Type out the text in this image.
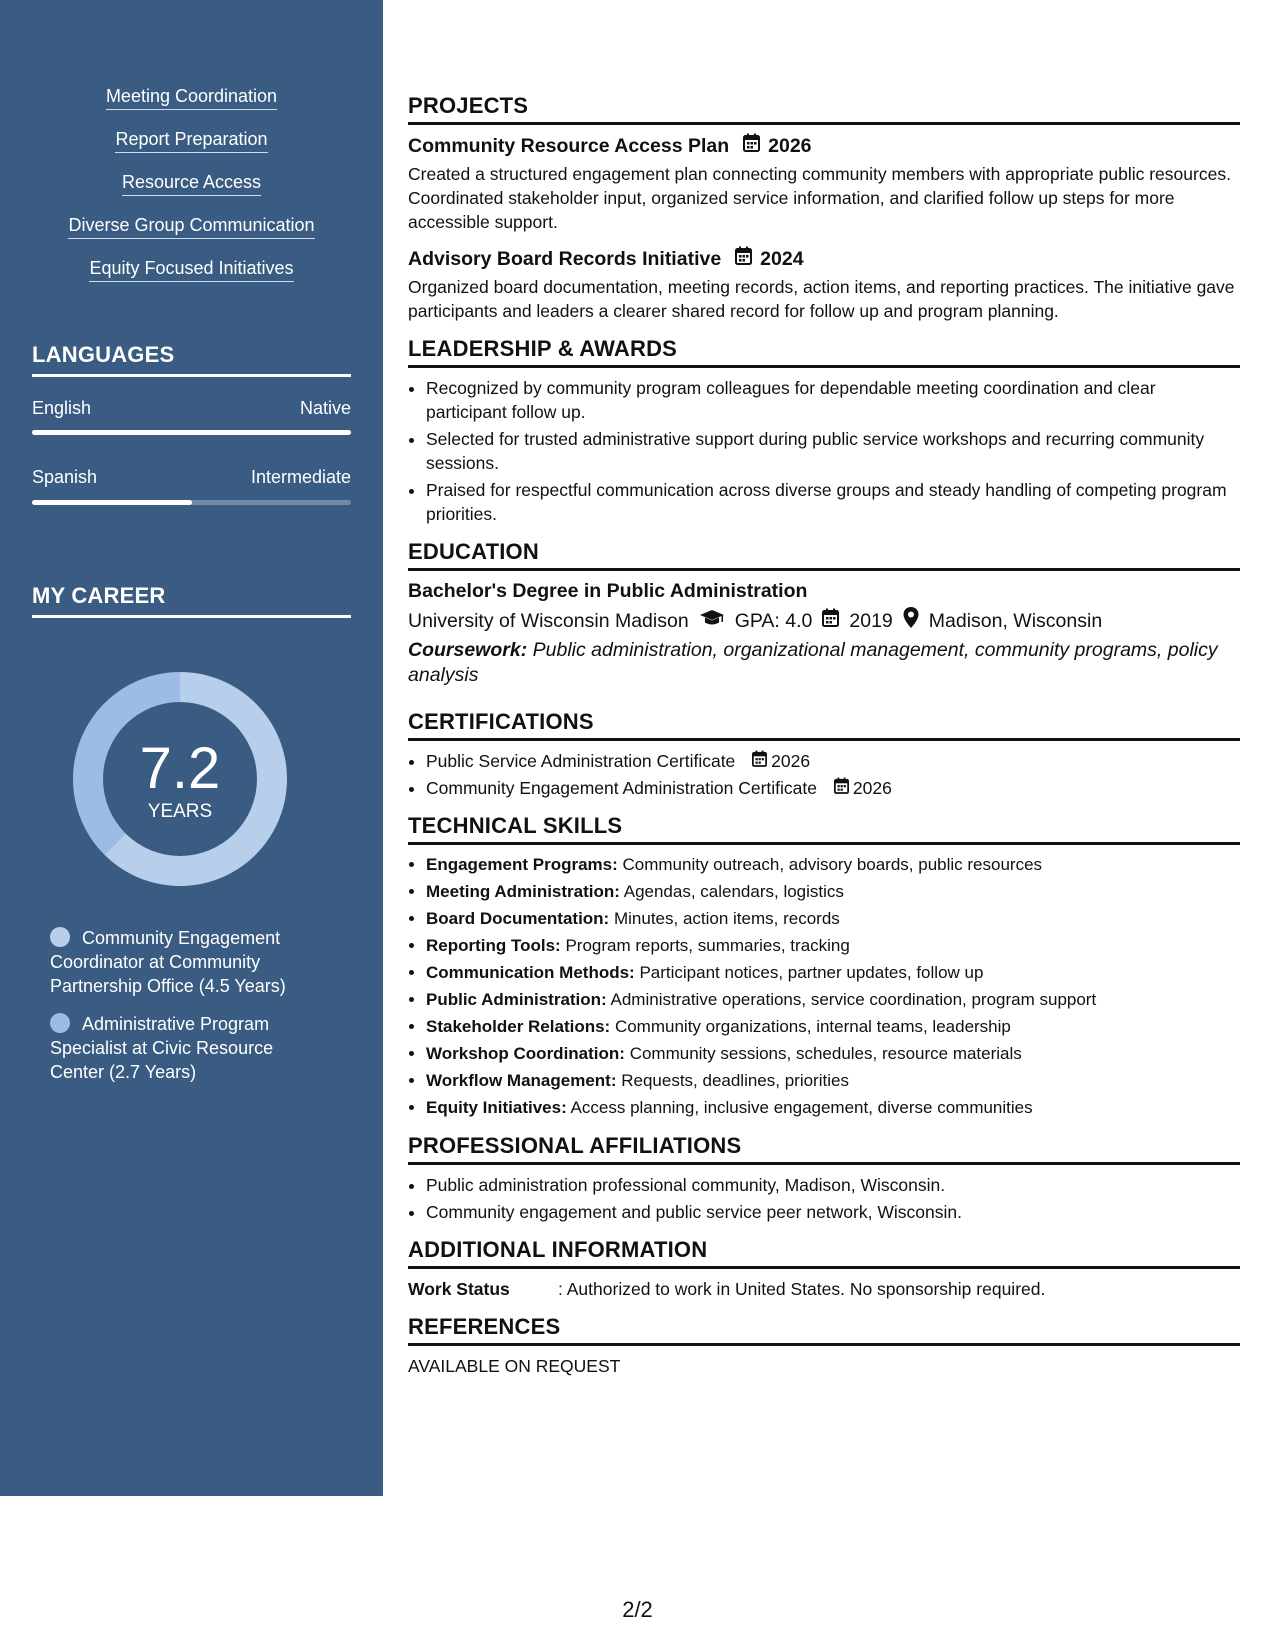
Meeting Coordination
Report Preparation
Resource Access
Diverse Group Communication
Equity Focused Initiatives
LANGUAGES
English	Native
Spanish	Intermediate
MY CAREER
7.2
YEARS
Community Engagement Coordinator at Community Partnership Office (4.5 Years)
Administrative Program Specialist at Civic Resource Center (2.7 Years)
PROJECTS
Community Resource Access Plan 2026
Created a structured engagement plan connecting community members with appropriate public resources. Coordinated stakeholder input, organized service information, and clarified follow up steps for more accessible support.
Advisory Board Records Initiative 2024
Organized board documentation, meeting records, action items, and reporting practices. The initiative gave participants and leaders a clearer shared record for follow up and program planning.
LEADERSHIP & AWARDS
• Recognized by community program colleagues for dependable meeting coordination and clear participant follow up.
• Selected for trusted administrative support during public service workshops and recurring community sessions.
• Praised for respectful communication across diverse groups and steady handling of competing program priorities.
EDUCATION
Bachelor's Degree in Public Administration
University of Wisconsin Madison GPA: 4.0 2019 Madison, Wisconsin
Coursework: Public administration, organizational management, community programs, policy analysis
CERTIFICATIONS
• Public Service Administration Certificate 2026
• Community Engagement Administration Certificate 2026
TECHNICAL SKILLS
• Engagement Programs: Community outreach, advisory boards, public resources
• Meeting Administration: Agendas, calendars, logistics
• Board Documentation: Minutes, action items, records
• Reporting Tools: Program reports, summaries, tracking
• Communication Methods: Participant notices, partner updates, follow up
• Public Administration: Administrative operations, service coordination, program support
• Stakeholder Relations: Community organizations, internal teams, leadership
• Workshop Coordination: Community sessions, schedules, resource materials
• Workflow Management: Requests, deadlines, priorities
• Equity Initiatives: Access planning, inclusive engagement, diverse communities
PROFESSIONAL AFFILIATIONS
• Public administration professional community, Madison, Wisconsin.
• Community engagement and public service peer network, Wisconsin.
ADDITIONAL INFORMATION
Work Status	: Authorized to work in United States. No sponsorship required.
REFERENCES
AVAILABLE ON REQUEST
2/2
